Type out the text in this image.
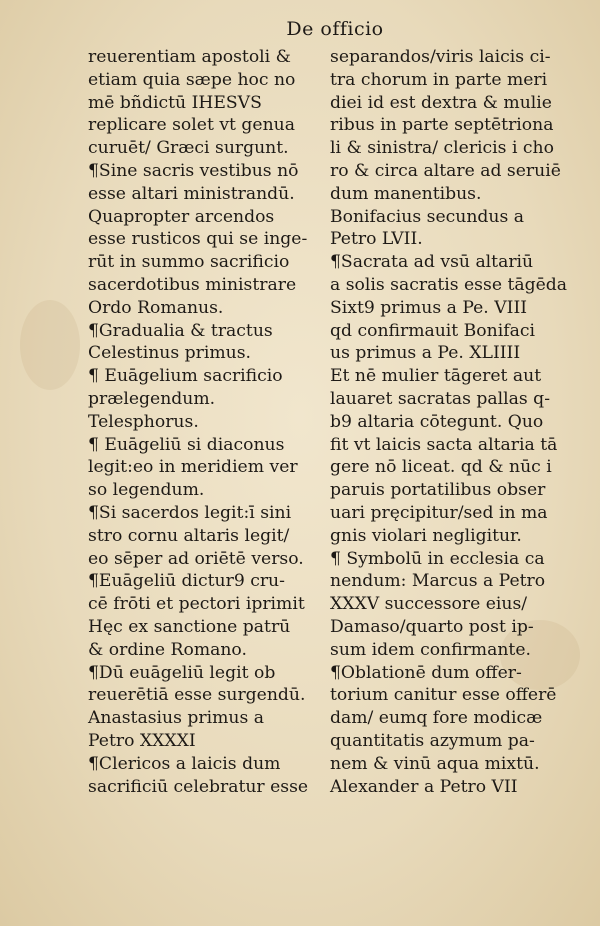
De officio
reuerentiam apostoli &
etiam quia sæpe hoc no
mē bñdictū IHESVS
replicare solet vt genua
curuēt/ Græci surgunt.
¶Sine sacris vestibus nō
esse altari ministrandū.
Quapropter arcendos
esse rusticos qui se inge-
rūt in summo sacrificio
sacerdotibus ministrare
Ordo Romanus.
¶Gradualia & tractus
Celestinus primus.
¶ Euāgelium sacrificio
prælegendum.
Telesphorus.
¶ Euāgeliū si diaconus
legit:eo in meridiem ver
so legendum.
¶Si sacerdos legit:ī sini
stro cornu altaris legit/
eo sēper ad oriētē verso.
¶Euāgeliū dictur9 cru-
cē frōti et pectori iprimit
Hęc ex sanctione patrū
& ordine Romano.
¶Dū euāgeliū legit ob
reuerētiā esse surgendū.
Anastasius primus a
Petro XXXXI
¶Clericos a laicis dum
sacrificiū celebratur esse
separandos/viris laicis ci-
tra chorum in parte meri
diei id est dextra & mulie
ribus in parte septētriona
li & sinistra/ clericis i cho
ro & circa altare ad seruiē
dum manentibus.
Bonifacius secundus a
Petro LVII.
¶Sacrata ad vsū altariū
a solis sacratis esse tāgēda
Sixt9 primus a Pe. VIII
qd confirmauit Bonifaci
us primus a Pe. XLIIII
Et nē mulier tāgeret aut
lauaret sacratas pallas q-
b9 altaria cōtegunt. Quo
fit vt laicis sacta altaria tā
gere nō liceat. qd & nūc i
paruis portatilibus obser
uari pręcipitur/sed in ma
gnis violari negligitur.
¶ Symbolū in ecclesia ca
nendum: Marcus a Petro
XXXV successore eius/
Damaso/quarto post ip-
sum idem confirmante.
¶Oblationē dum offer-
torium canitur esse offerē
dam/ eumq fore modicæ
quantitatis azymum pa-
nem & vinū aqua mixtū.
Alexander a Petro VII
